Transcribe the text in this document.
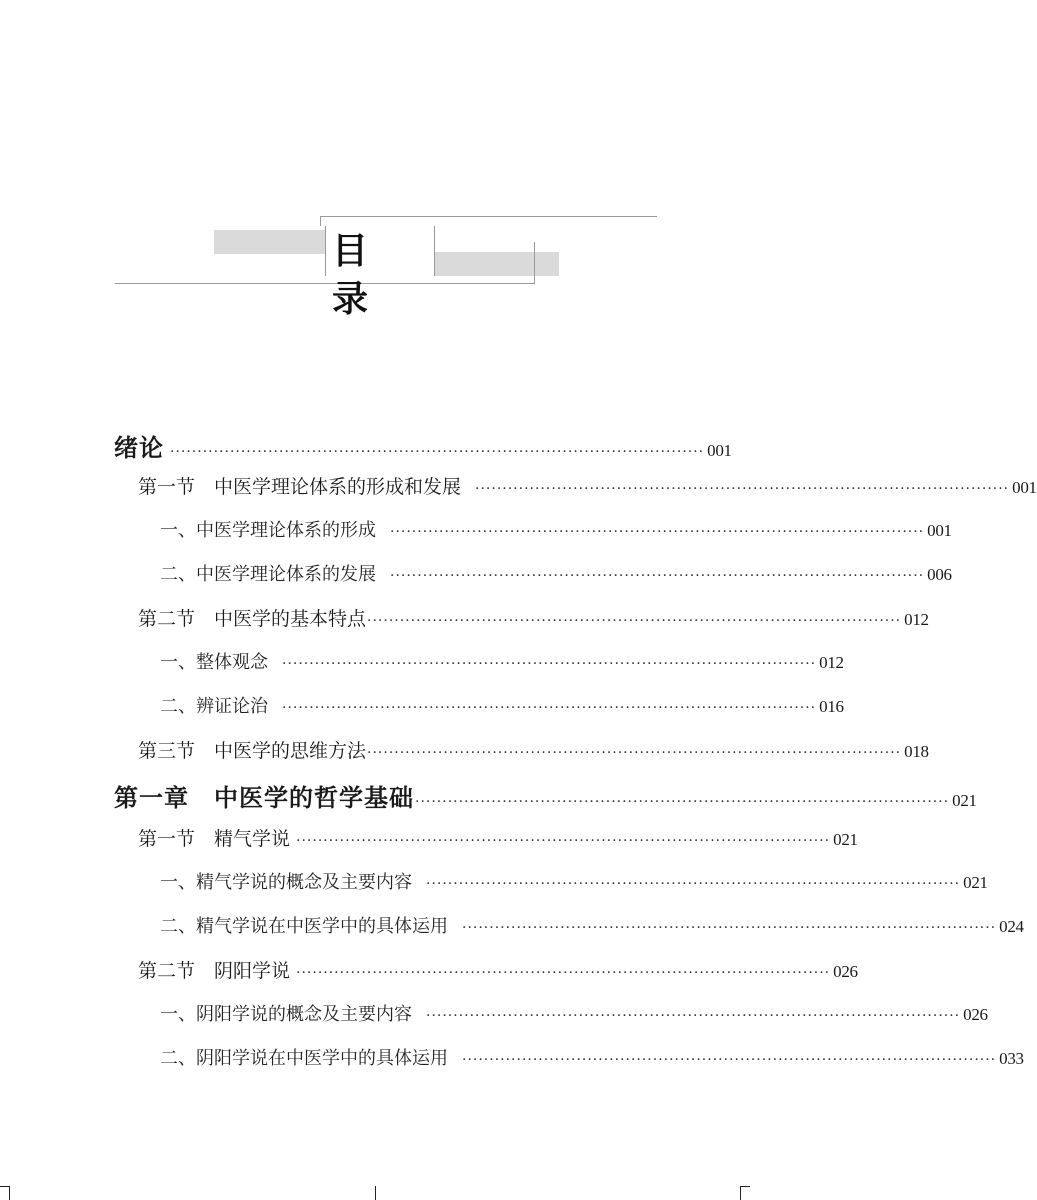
目 录
绪论 ·································································································· 001
第一节　中医学理论体系的形成和发展 ·································································································· 001
一、中医学理论体系的形成 ·································································································· 001
二、中医学理论体系的发展 ·································································································· 006
第二节　中医学的基本特点 ·································································································· 012
一、整体观念 ·································································································· 012
二、辨证论治 ·································································································· 016
第三节　中医学的思维方法 ·································································································· 018
第一章　中医学的哲学基础 ·································································································· 021
第一节　精气学说 ·································································································· 021
一、精气学说的概念及主要内容 ·································································································· 021
二、精气学说在中医学中的具体运用 ·································································································· 024
第二节　阴阳学说 ·································································································· 026
一、阴阳学说的概念及主要内容 ·································································································· 026
二、阴阳学说在中医学中的具体运用 ·································································································· 033
